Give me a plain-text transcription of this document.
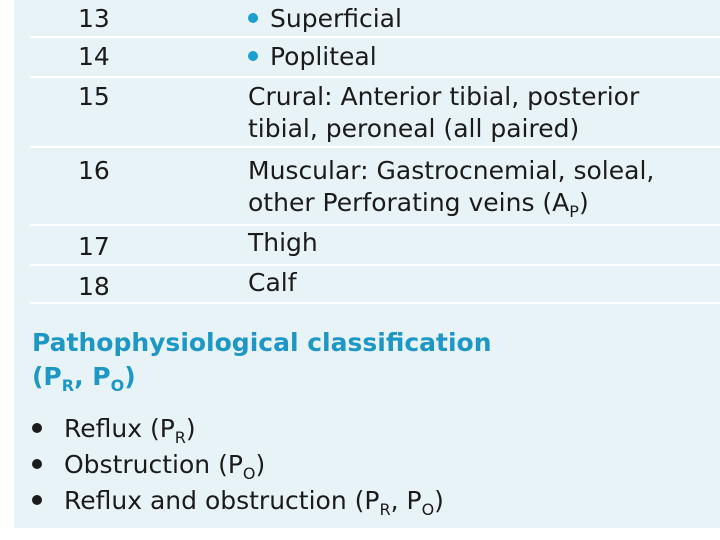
13	Superficial
14	Popliteal
15	Crural: Anterior tibial, posterior
tibial, peroneal (all paired)
16	Muscular: Gastrocnemial, soleal,
other Perforating veins $(A_P)$
17	Thigh
18	Calf
Pathophysiological classification
($P_R$, $P_O$)
Reflux $(P_R)$
Obstruction $(P_O)$
Reflux and obstruction ($P_R$, $P_O$)
